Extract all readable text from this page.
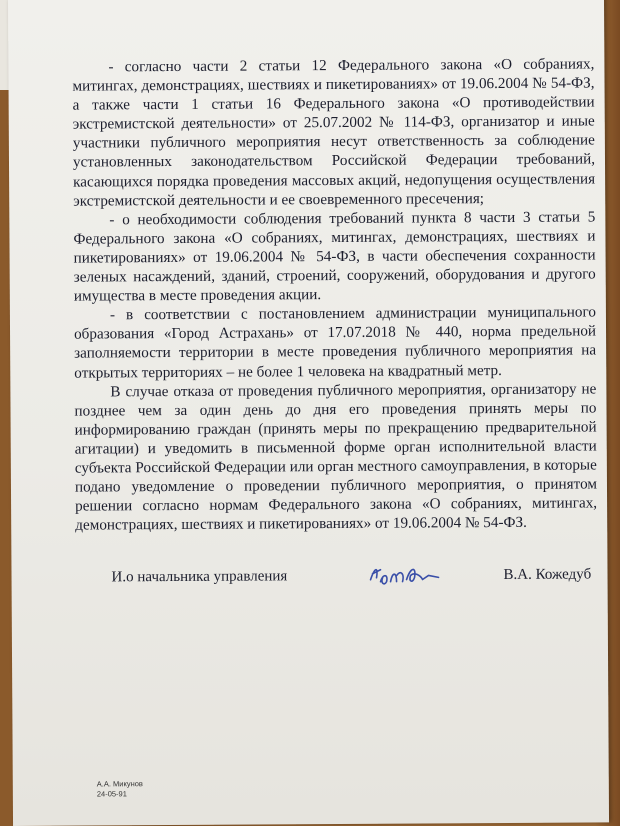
- согласно части 2 статьи 12 Федерального закона «О собраниях, митингах, демонстрациях, шествиях и пикетированиях» от 19.06.2004 № 54-ФЗ, а также части 1 статьи 16 Федерального закона «О противодействии экстремистской деятельности» от 25.07.2002 № 114-ФЗ, организатор и иные участники публичного мероприятия несут ответственность за соблюдение установленных законодательством Российской Федерации требований, касающихся порядка проведения массовых акций, недопущения осуществления экстремистской деятельности и ее своевременного пресечения;

- о необходимости соблюдения требований пункта 8 части 3 статьи 5 Федерального закона «О собраниях, митингах, демонстрациях, шествиях и пикетированиях» от 19.06.2004 № 54-ФЗ, в части обеспечения сохранности зеленых насаждений, зданий, строений, сооружений, оборудования и другого имущества в месте проведения акции.

- в соответствии с постановлением администрации муниципального образования «Город Астрахань» от 17.07.2018 № 440, норма предельной заполняемости территории в месте проведения публичного мероприятия на открытых территориях – не более 1 человека на квадратный метр.

В случае отказа от проведения публичного мероприятия, организатору не позднее чем за один день до дня его проведения принять меры по информированию граждан (принять меры по прекращению предварительной агитации) и уведомить в письменной форме орган исполнительной власти субъекта Российской Федерации или орган местного самоуправления, в которые подано уведомление о проведении публичного мероприятия, о принятом решении согласно нормам Федерального закона «О собраниях, митингах, демонстрациях, шествиях и пикетированиях» от 19.06.2004 № 54-ФЗ.

И.о начальника управления	В.А. Кожедуб
А.А. Микунов
24-05-91
